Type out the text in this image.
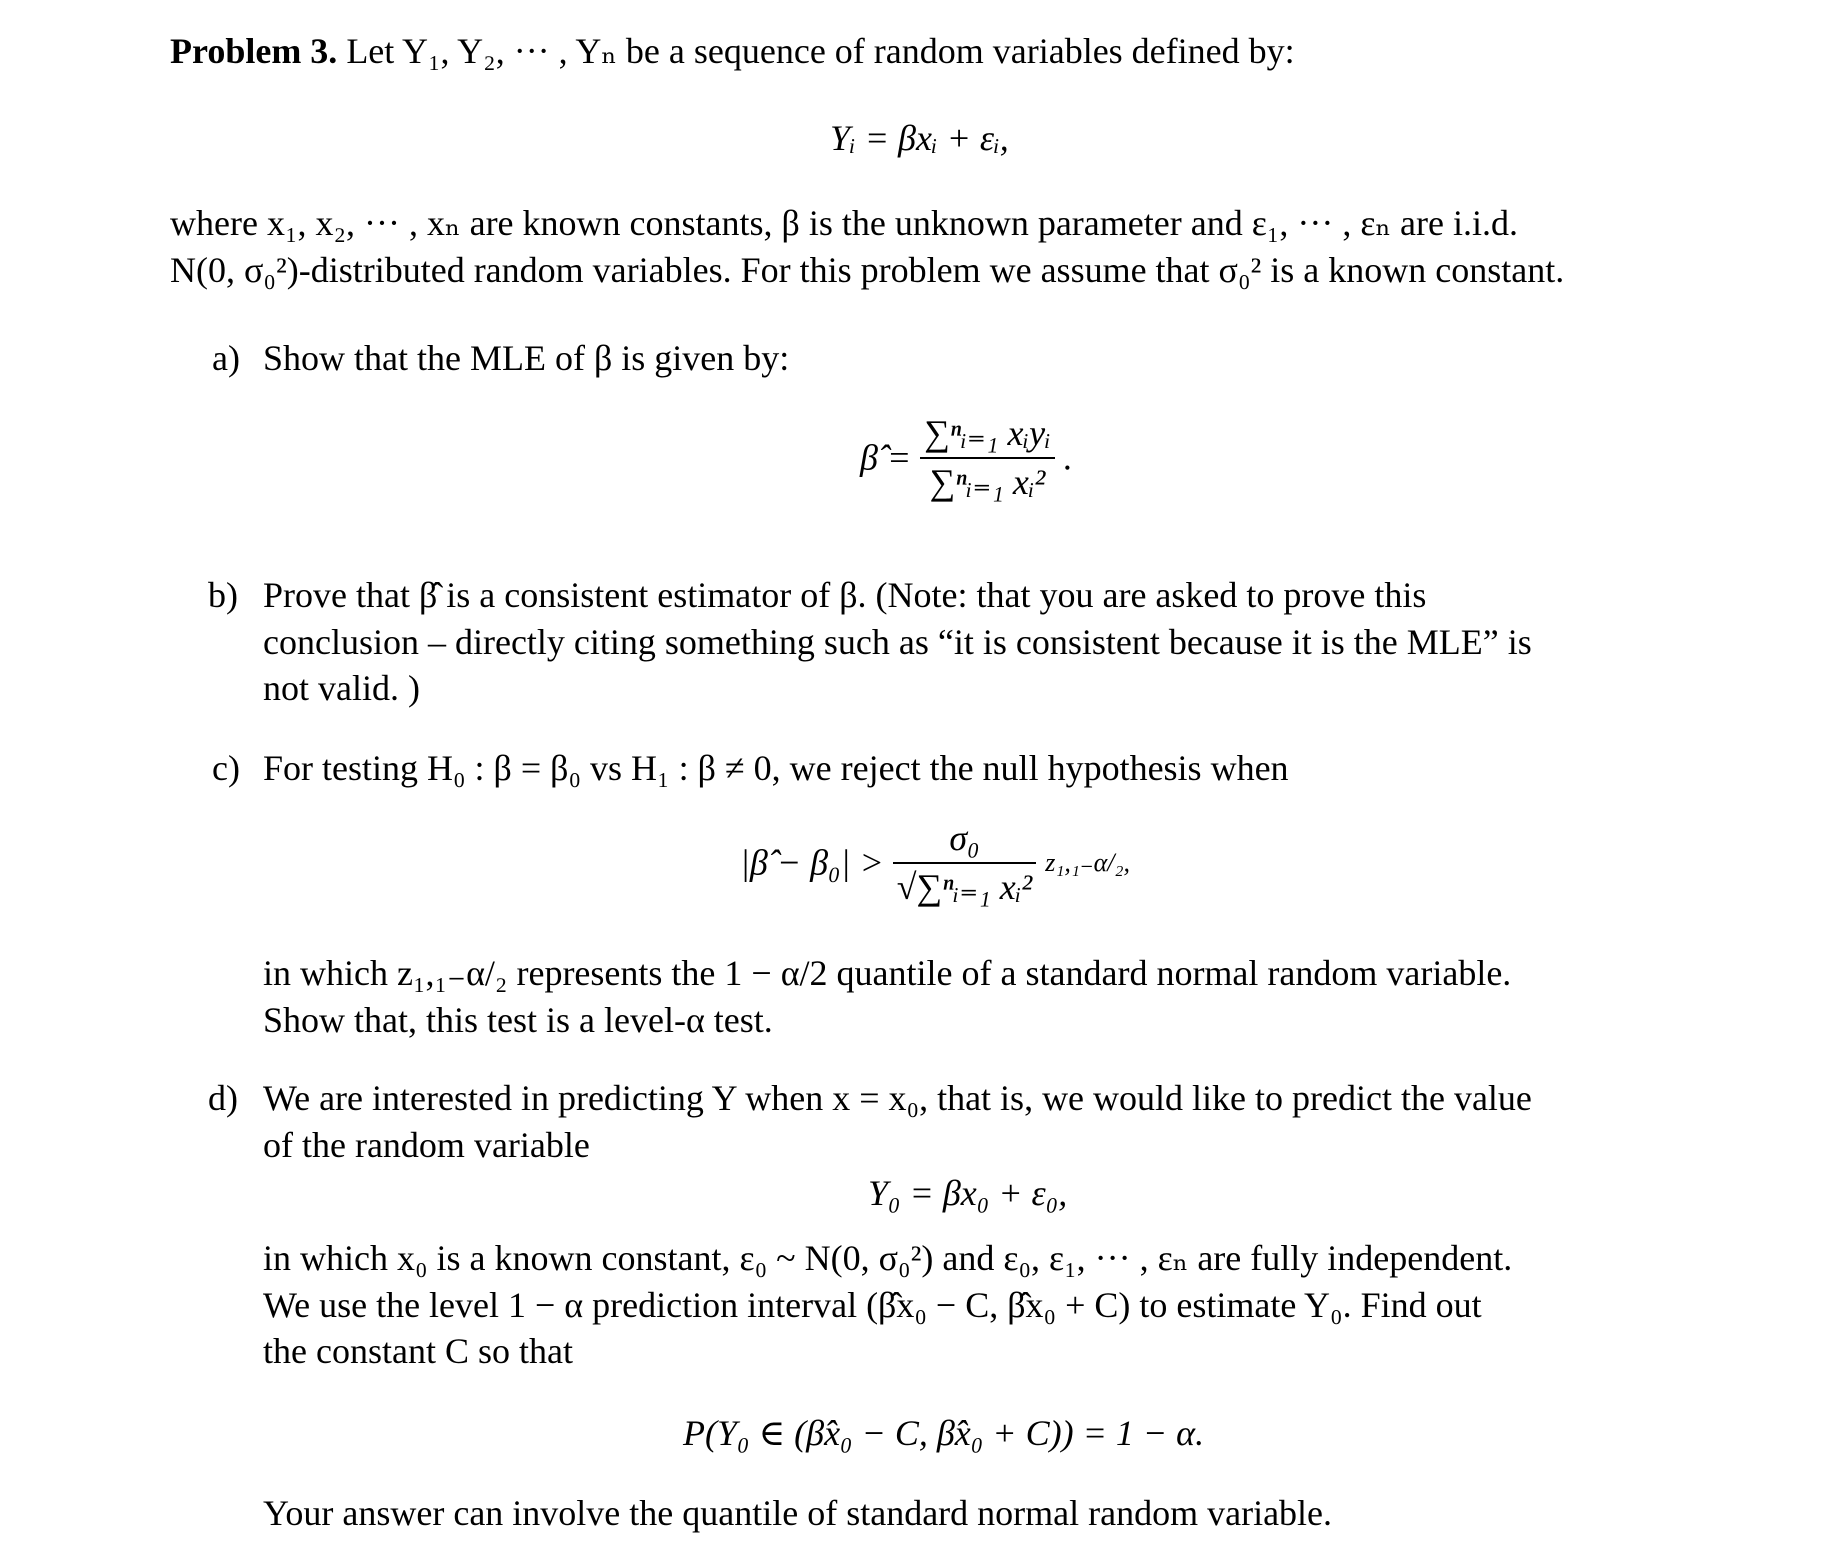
Problem 3. Let Y₁, Y₂, ··· , Yₙ be a sequence of random variables defined by:
Yᵢ = βxᵢ + εᵢ,
where x₁, x₂, ··· , xₙ are known constants, β is the unknown parameter and ε₁, ··· , εₙ are i.i.d.
N(0, σ₀²)-distributed random variables. For this problem we assume that σ₀² is a known constant.
a) Show that the MLE of β is given by:
β̂ = $\frac{\text{∑ⁿᵢ₌₁ xᵢyᵢ}}{\text{∑ⁿᵢ₌₁ xᵢ²}}$ .
b) Prove that β̂ is a consistent estimator of β. (Note: that you are asked to prove this
conclusion – directly citing something such as “it is consistent because it is the MLE” is
not valid. )
c) For testing H₀ : β = β₀ vs H₁ : β ≠ 0, we reject the null hypothesis when
|β̂ − $\beta_0| > \frac{\text{σ₀}}{\text{√∑ⁿᵢ₌₁ xᵢ²}} z_1,_{1-}\alpha/_2$,
in which z₁,₁₋α/₂ represents the 1 − α/2 quantile of a standard normal random variable.
Show that, this test is a level-α test.
d) We are interested in predicting Y when x = x₀, that is, we would like to predict the value
of the random variable
Y₀ = βx₀ + ε₀,
in which x₀ is a known constant, ε₀ ~ N(0, σ₀²) and ε₀, ε₁, ··· , εₙ are fully independent.
We use the level 1 − α prediction interval (β̂x₀ − C, β̂x₀ + C) to estimate Y₀. Find out
the constant C so that
P(Y₀ ∈ (β̂x₀ − C, β̂x₀ + C)) = 1 − α.
Your answer can involve the quantile of standard normal random variable.
